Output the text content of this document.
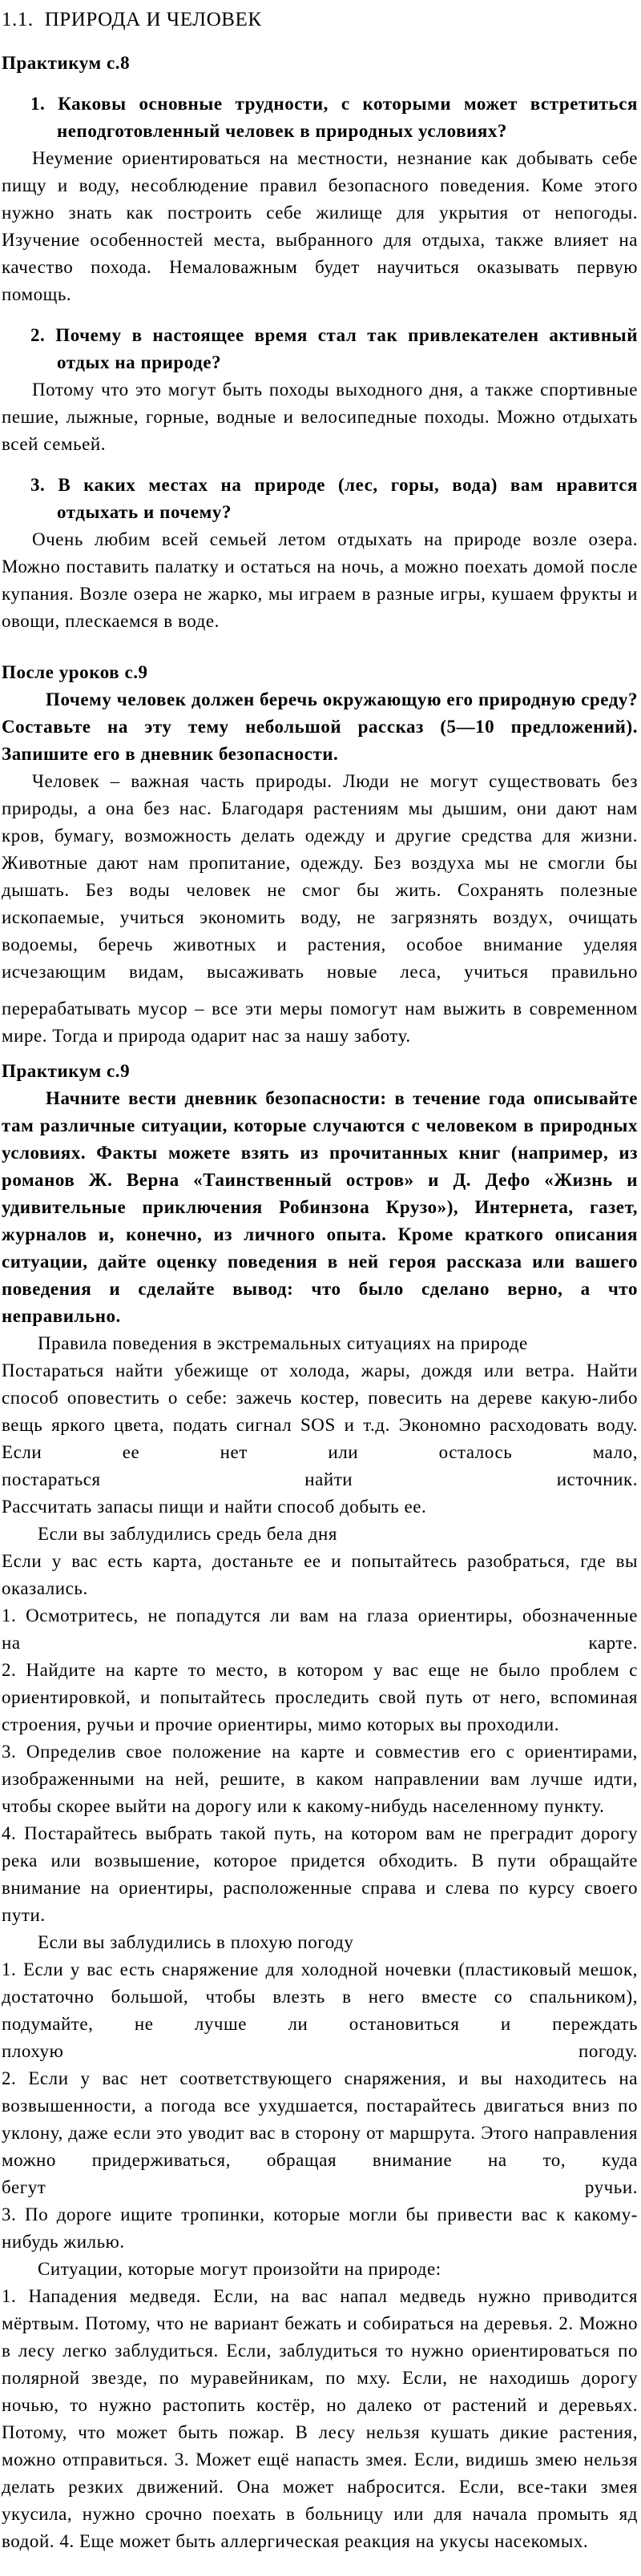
1.1. ПРИРОДА И ЧЕЛОВЕК
Практикум с.8
1. Каковы основные трудности, с которыми может встретиться неподготовленный человек в природных условиях?
Неумение ориентироваться на местности, незнание как добывать себе пищу и воду, несоблюдение правил безопасного поведения. Коме этого нужно знать как построить себе жилище для укрытия от непогоды. Изучение особенностей места, выбранного для отдыха, также влияет на качество похода. Немаловажным будет научиться оказывать первую помощь.
2. Почему в настоящее время стал так привлекателен активный отдых на природе?
Потому что это могут быть походы выходного дня, а также спортивные пешие, лыжные, горные, водные и велосипедные походы. Можно отдыхать всей семьей.
3. В каких местах на природе (лес, горы, вода) вам нравится отдыхать и почему?
Очень любим всей семьей летом отдыхать на природе возле озера. Можно поставить палатку и остаться на ночь, а можно поехать домой после купания. Возле озера не жарко, мы играем в разные игры, кушаем фрукты и овощи, плескаемся в воде.
После уроков с.9
Почему человек должен беречь окружающую его природную среду? Составьте на эту тему небольшой рассказ (5—10 предложений). Запишите его в дневник безопасности.
Человек – важная часть природы. Люди не могут существовать без природы, а она без нас. Благодаря растениям мы дышим, они дают нам кров, бумагу, возможность делать одежду и другие средства для жизни. Животные дают нам пропитание, одежду. Без воздуха мы не смогли бы дышать. Без воды человек не смог бы жить. Сохранять полезные ископаемые, учиться экономить воду, не загрязнять воздух, очищать водоемы, беречь животных и растения, особое внимание уделяя исчезающим видам, высаживать новые леса, учиться правильно
перерабатывать мусор – все эти меры помогут нам выжить в современном мире. Тогда и природа одарит нас за нашу заботу.
Практикум с.9
Начните вести дневник безопасности: в течение года описывайте там различные ситуации, которые случаются с человеком в природных условиях. Факты можете взять из прочитанных книг (например, из романов Ж. Верна «Таинственный остров» и Д. Дефо «Жизнь и удивительные приключения Робинзона Крузо»), Интернета, газет, журналов и, конечно, из личного опыта. Кроме краткого описания ситуации, дайте оценку поведения в ней героя рассказа или вашего поведения и сделайте вывод: что было сделано верно, а что неправильно.
Правила поведения в экстремальных ситуациях на природе
Постараться найти убежище от холода, жары, дождя или ветра. Найти способ оповестить о себе: зажечь костер, повесить на дереве какую-либо вещь яркого цвета, подать сигнал SOS и т.д. Экономно расходовать воду. Если ее нет или осталось мало,
постараться найти источник.
Рассчитать запасы пищи и найти способ добыть ее.
Если вы заблудились средь бела дня
Если у вас есть карта, достаньте ее и попытайтесь разобраться, где вы оказались.
1. Осмотритесь, не попадутся ли вам на глаза ориентиры, обозначенные
на карте.
2. Найдите на карте то место, в котором у вас еще не было проблем с ориентировкой, и попытайтесь проследить свой путь от него, вспоминая строения, ручьи и прочие ориентиры, мимо которых вы проходили.
3. Определив свое положение на карте и совместив его с ориентирами, изображенными на ней, решите, в каком направлении вам лучше идти, чтобы скорее выйти на дорогу или к какому-нибудь населенному пункту.
4. Постарайтесь выбрать такой путь, на котором вам не преградит дорогу река или возвышение, которое придется обходить. В пути обращайте внимание на ориентиры, расположенные справа и слева по курсу своего пути.
Если вы заблудились в плохую погоду
1. Если у вас есть снаряжение для холодной ночевки (пластиковый мешок, достаточно большой, чтобы влезть в него вместе со спальником), подумайте, не лучше ли остановиться и переждать
плохую погоду.
2. Если у вас нет соответствующего снаряжения, и вы находитесь на возвышенности, а погода все ухудшается, постарайтесь двигаться вниз по уклону, даже если это уводит вас в сторону от маршрута. Этого направления можно придерживаться, обращая внимание на то, куда
бегут ручьи.
3. По дороге ищите тропинки, которые могли бы привести вас к какому-нибудь жилью.
Ситуации, которые могут произойти на природе:
1. Нападения медведя. Если, на вас напал медведь нужно приводится мёртвым. Потому, что не вариант бежать и собираться на деревья. 2. Можно в лесу легко заблудиться. Если, заблудиться то нужно ориентироваться по полярной звезде, по муравейникам, по мху. Если, не находишь дорогу ночью, то нужно растопить костёр, но далеко от растений и деревьях. Потому, что может быть пожар. В лесу нельзя кушать дикие растения, можно отправиться. 3. Может ещё напасть змея. Если, видишь змею нельзя делать резких движений. Она может набросится. Если, все-таки змея укусила, нужно срочно поехать в больницу или для начала промыть яд водой. 4. Еще может быть аллергическая реакция на укусы насекомых.
